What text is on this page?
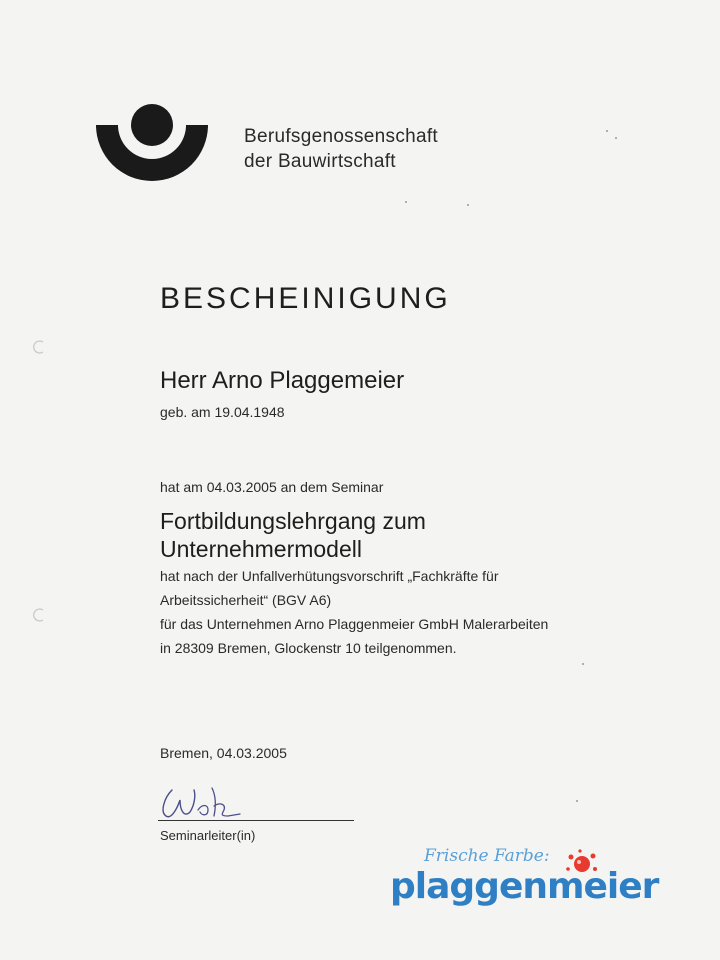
Berufsgenossenschaft
der Bauwirtschaft
BESCHEINIGUNG
Herr Arno Plaggemeier
geb. am 19.04.1948
hat am 04.03.2005 an dem Seminar
Fortbildungslehrgang zum
Unternehmermodell
hat nach der Unfallverhütungsvorschrift „Fachkräfte für
Arbeitssicherheit“ (BGV A6)
für das Unternehmen Arno Plaggenmeier GmbH Malerarbeiten
in 28309 Bremen, Glockenstr 10 teilgenommen.
Bremen, 04.03.2005
Seminarleiter(in)
Frische Farbe:
plaggenmeier
